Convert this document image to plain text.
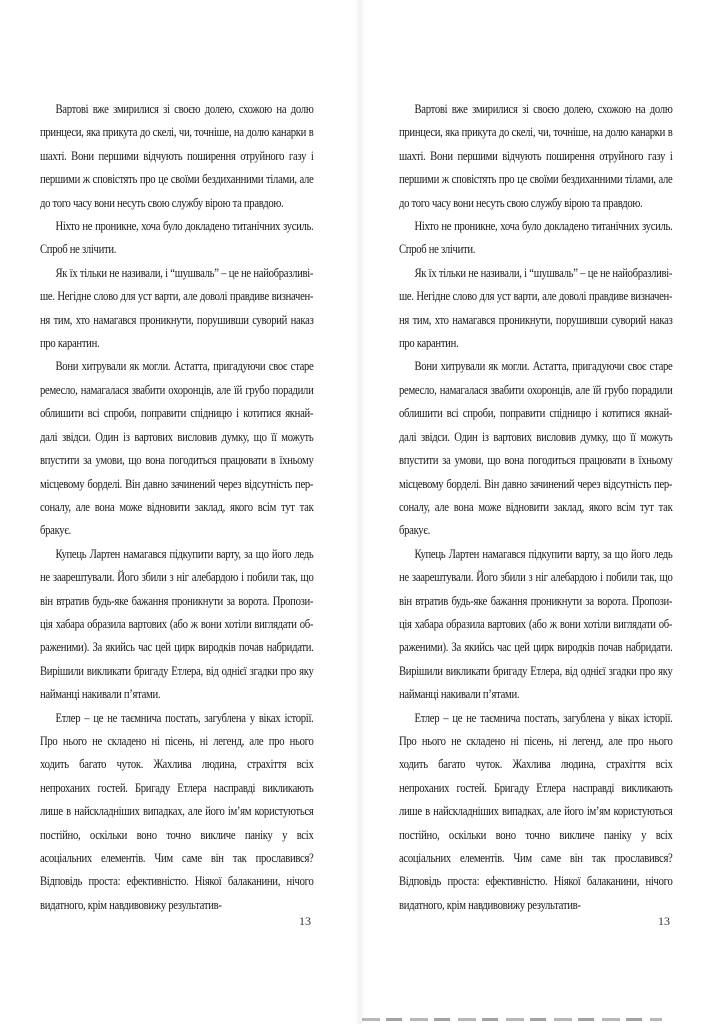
Вартові вже змирилися зі своєю долею, схожою на долю принцеси, яка прикута до скелі, чи, точніше, на долю канарки в шахті. Вони першими відчують поширення отруйного газу і першими ж сповістять про це своїми бездиханними тілами, але до того часу вони несуть свою службу вірою та правдою.

Ніхто не проникне, хоча було докладено титанічних зусиль. Спроб не злічити.

Як їх тільки не називали, і “шушваль” – це не найобразливіше. Негідне слово для уст варти, але доволі правдиве визначення тим, хто намагався проникнути, порушивши суворий наказ про карантин.

Вони хитрували як могли. Астатта, пригадуючи своє старе ремесло, намагалася звабити охоронців, але їй грубо порадили облишити всі спроби, поправити спідницю і котитися якнайдалі звідси. Один із вартових висловив думку, що її можуть впустити за умови, що вона погодиться працювати в їхньому місцевому борделі. Він давно зачинений через відсутність персоналу, але вона може відновити заклад, якого всім тут так бракує.

Купець Лартен намагався підкупити варту, за що його ледь не заарештували. Його збили з ніг алебардою і побили так, що він втратив будь-яке бажання проникнути за ворота. Пропозиція хабара образила вартових (або ж вони хотіли виглядати ображеними). За якийсь час цей цирк виродків почав набридати. Вирішили викликати бригаду Етлера, від однієї згадки про яку найманці накивали п’ятами.

Етлер – це не таємнича постать, загублена у віках історії. Про нього не складено ні пісень, ні легенд, але про нього ходить багато чуток. Жахлива людина, страхіття всіх непроханих гостей. Бригаду Етлера насправді викликають лише в найскладніших випадках, але його ім’ям користуються постійно, оскільки воно точно викличе паніку у всіх асоціальних елементів. Чим саме він так прославився? Відповідь проста: ефективністю. Ніякої балаканини, нічого видатного, крім навдивовижу результатив-

13

Вартові вже змирилися зі своєю долею, схожою на долю принцеси, яка прикута до скелі, чи, точніше, на долю канарки в шахті. Вони першими відчують поширення отруйного газу і першими ж сповістять про це своїми бездиханними тілами, але до того часу вони несуть свою службу вірою та правдою.

Ніхто не проникне, хоча було докладено титанічних зусиль. Спроб не злічити.

Як їх тільки не називали, і “шушваль” – це не найобразливіше. Негідне слово для уст варти, але доволі правдиве визначення тим, хто намагався проникнути, порушивши суворий наказ про карантин.

Вони хитрували як могли. Астатта, пригадуючи своє старе ремесло, намагалася звабити охоронців, але їй грубо порадили облишити всі спроби, поправити спідницю і котитися якнайдалі звідси. Один із вартових висловив думку, що її можуть впустити за умови, що вона погодиться працювати в їхньому місцевому борделі. Він давно зачинений через відсутність персоналу, але вона може відновити заклад, якого всім тут так бракує.

Купець Лартен намагався підкупити варту, за що його ледь не заарештували. Його збили з ніг алебардою і побили так, що він втратив будь-яке бажання проникнути за ворота. Пропозиція хабара образила вартових (або ж вони хотіли виглядати ображеними). За якийсь час цей цирк виродків почав набридати. Вирішили викликати бригаду Етлера, від однієї згадки про яку найманці накивали п’ятами.

Етлер – це не таємнича постать, загублена у віках історії. Про нього не складено ні пісень, ні легенд, але про нього ходить багато чуток. Жахлива людина, страхіття всіх непроханих гостей. Бригаду Етлера насправді викликають лише в найскладніших випадках, але його ім’ям користуються постійно, оскільки воно точно викличе паніку у всіх асоціальних елементів. Чим саме він так прославився? Відповідь проста: ефективністю. Ніякої балаканини, нічого видатного, крім навдивовижу результатив-

13
